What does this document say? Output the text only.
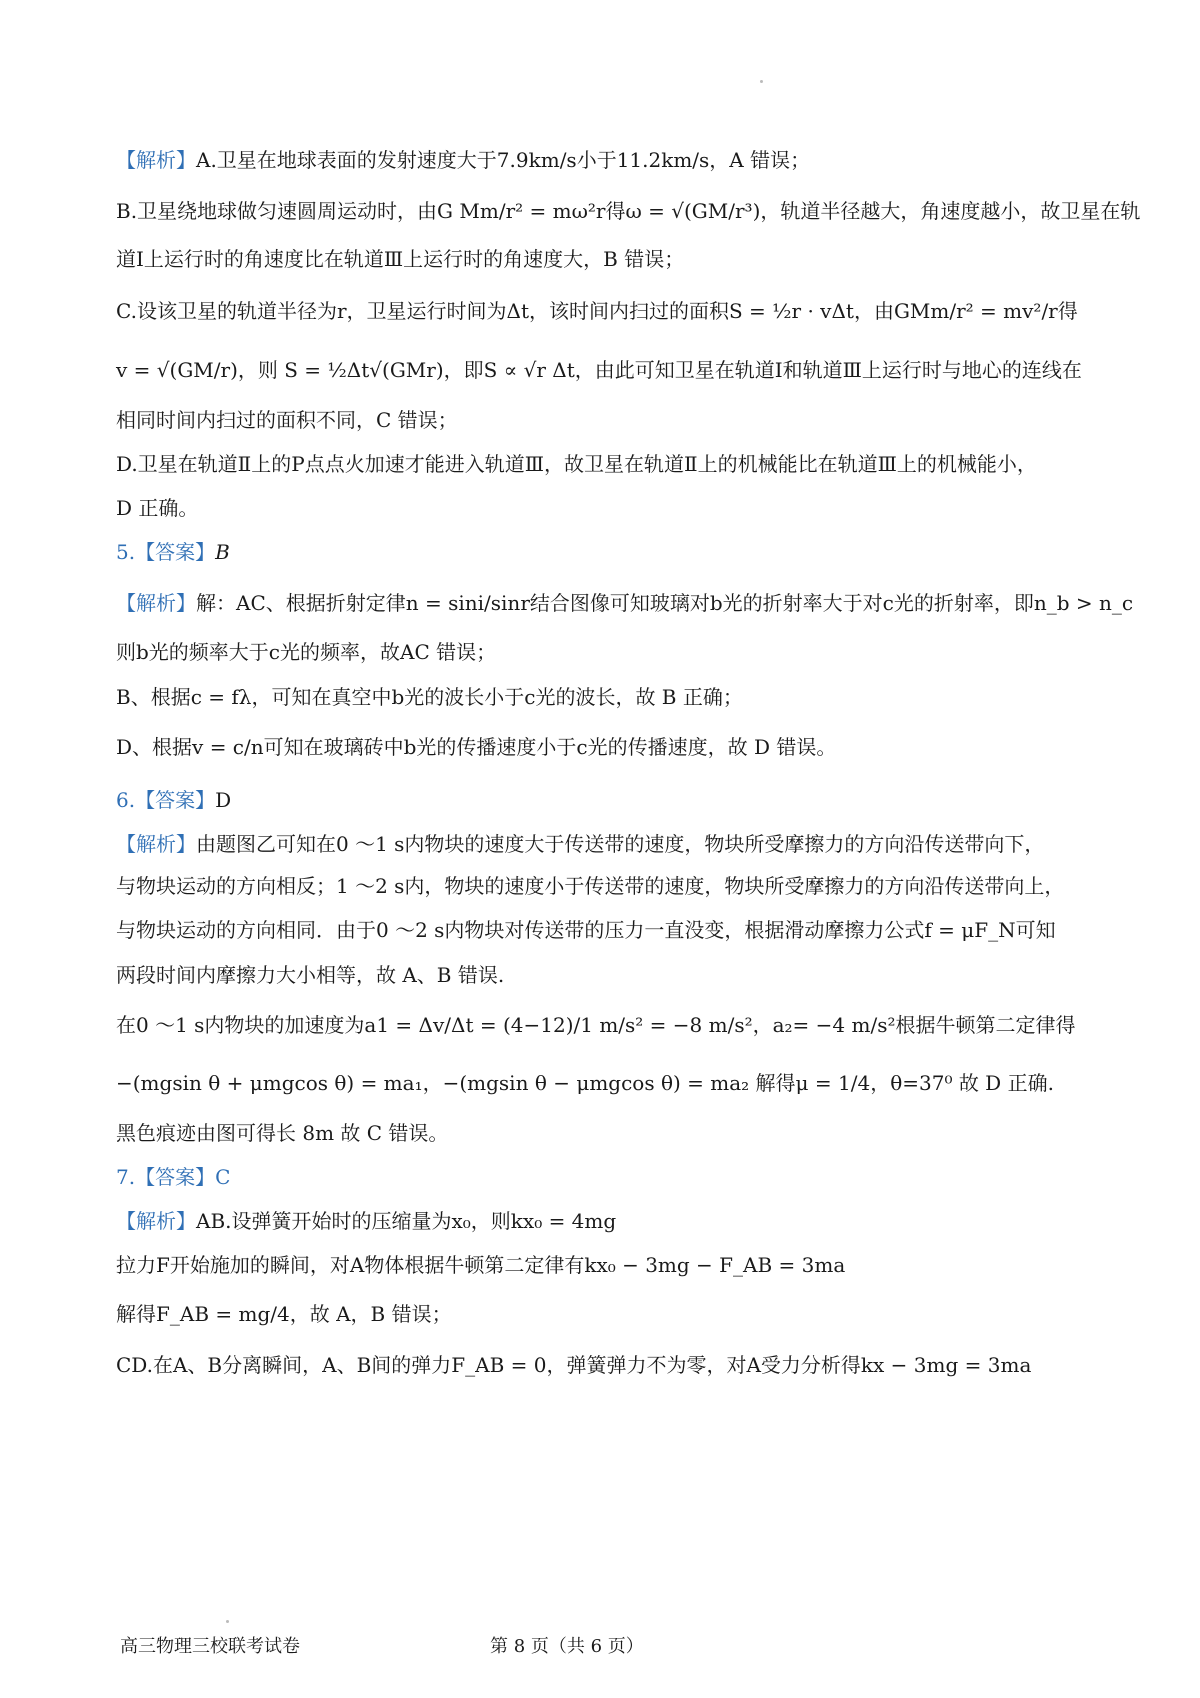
【解析】A.卫星在地球表面的发射速度大于7.9km/s小于11.2km/s，A 错误；
B.卫星绕地球做匀速圆周运动时，由G Mm/r² = mω²r得ω = √(GM/r³)，轨道半径越大，角速度越小，故卫星在轨
道Ⅰ上运行时的角速度比在轨道Ⅲ上运行时的角速度大，B 错误；
C.设该卫星的轨道半径为r，卫星运行时间为Δt，该时间内扫过的面积S = ½r · vΔt，由GMm/r² = mv²/r得
v = √(GM/r)，则 S = ½Δt√(GMr)，即S ∝ √r Δt，由此可知卫星在轨道Ⅰ和轨道Ⅲ上运行时与地心的连线在
相同时间内扫过的面积不同，C 错误；
D.卫星在轨道Ⅱ上的P点点火加速才能进入轨道Ⅲ，故卫星在轨道Ⅱ上的机械能比在轨道Ⅲ上的机械能小，
D 正确。
5.【答案】B
【解析】解：AC、根据折射定律n = sini/sinr结合图像可知玻璃对b光的折射率大于对c光的折射率，即n_b > n_c
则b光的频率大于c光的频率，故AC 错误；
B、根据c = fλ，可知在真空中b光的波长小于c光的波长，故 B 正确；
D、根据v = c/n可知在玻璃砖中b光的传播速度小于c光的传播速度，故 D 错误。
6.【答案】D
【解析】由题图乙可知在0 ～1 s内物块的速度大于传送带的速度，物块所受摩擦力的方向沿传送带向下，
与物块运动的方向相反；1 ～2 s内，物块的速度小于传送带的速度，物块所受摩擦力的方向沿传送带向上，
与物块运动的方向相同．由于0 ～2 s内物块对传送带的压力一直没变，根据滑动摩擦力公式f = μF_N可知
两段时间内摩擦力大小相等，故 A、B 错误.
在0 ～1 s内物块的加速度为a1 = Δv/Δt = (4−12)/1 m/s² = −8 m/s²，a₂= −4 m/s²根据牛顿第二定律得
−(mgsin θ + μmgcos θ) = ma₁，−(mgsin θ − μmgcos θ) = ma₂ 解得μ = 1/4，θ=37⁰ 故 D 正确.
黑色痕迹由图可得长 8m 故 C 错误。
7.【答案】C
【解析】AB.设弹簧开始时的压缩量为x₀，则kx₀ = 4mg
拉力F开始施加的瞬间，对A物体根据牛顿第二定律有kx₀ − 3mg − F_AB = 3ma
解得F_AB = mg/4，故 A，B 错误；
CD.在A、B分离瞬间，A、B间的弹力F_AB = 0，弹簧弹力不为零，对A受力分析得kx − 3mg = 3ma
高三物理三校联考试卷	第 8 页（共 6 页）
